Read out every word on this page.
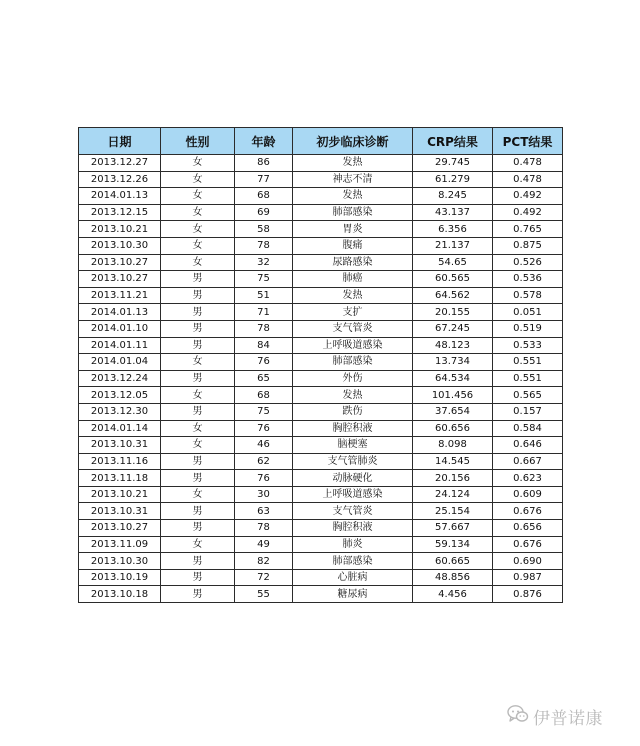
日期	性别	年龄	初步临床诊断	CRP结果	PCT结果
2013.12.27	女	86	发热	29.745	0.478
2013.12.26	女	77	神志不清	61.279	0.478
2014.01.13	女	68	发热	8.245	0.492
2013.12.15	女	69	肺部感染	43.137	0.492
2013.10.21	女	58	胃炎	6.356	0.765
2013.10.30	女	78	腹痛	21.137	0.875
2013.10.27	女	32	尿路感染	54.65	0.526
2013.10.27	男	75	肺癌	60.565	0.536
2013.11.21	男	51	发热	64.562	0.578
2014.01.13	男	71	支扩	20.155	0.051
2014.01.10	男	78	支气管炎	67.245	0.519
2014.01.11	男	84	上呼吸道感染	48.123	0.533
2014.01.04	女	76	肺部感染	13.734	0.551
2013.12.24	男	65	外伤	64.534	0.551
2013.12.05	女	68	发热	101.456	0.565
2013.12.30	男	75	跌伤	37.654	0.157
2014.01.14	女	76	胸腔积液	60.656	0.584
2013.10.31	女	46	脑梗塞	8.098	0.646
2013.11.16	男	62	支气管肺炎	14.545	0.667
2013.11.18	男	76	动脉硬化	20.156	0.623
2013.10.21	女	30	上呼吸道感染	24.124	0.609
2013.10.31	男	63	支气管炎	25.154	0.676
2013.10.27	男	78	胸腔积液	57.667	0.656
2013.11.09	女	49	肺炎	59.134	0.676
2013.10.30	男	82	肺部感染	60.665	0.690
2013.10.19	男	72	心脏病	48.856	0.987
2013.10.18	男	55	糖尿病	4.456	0.876
伊普诺康
